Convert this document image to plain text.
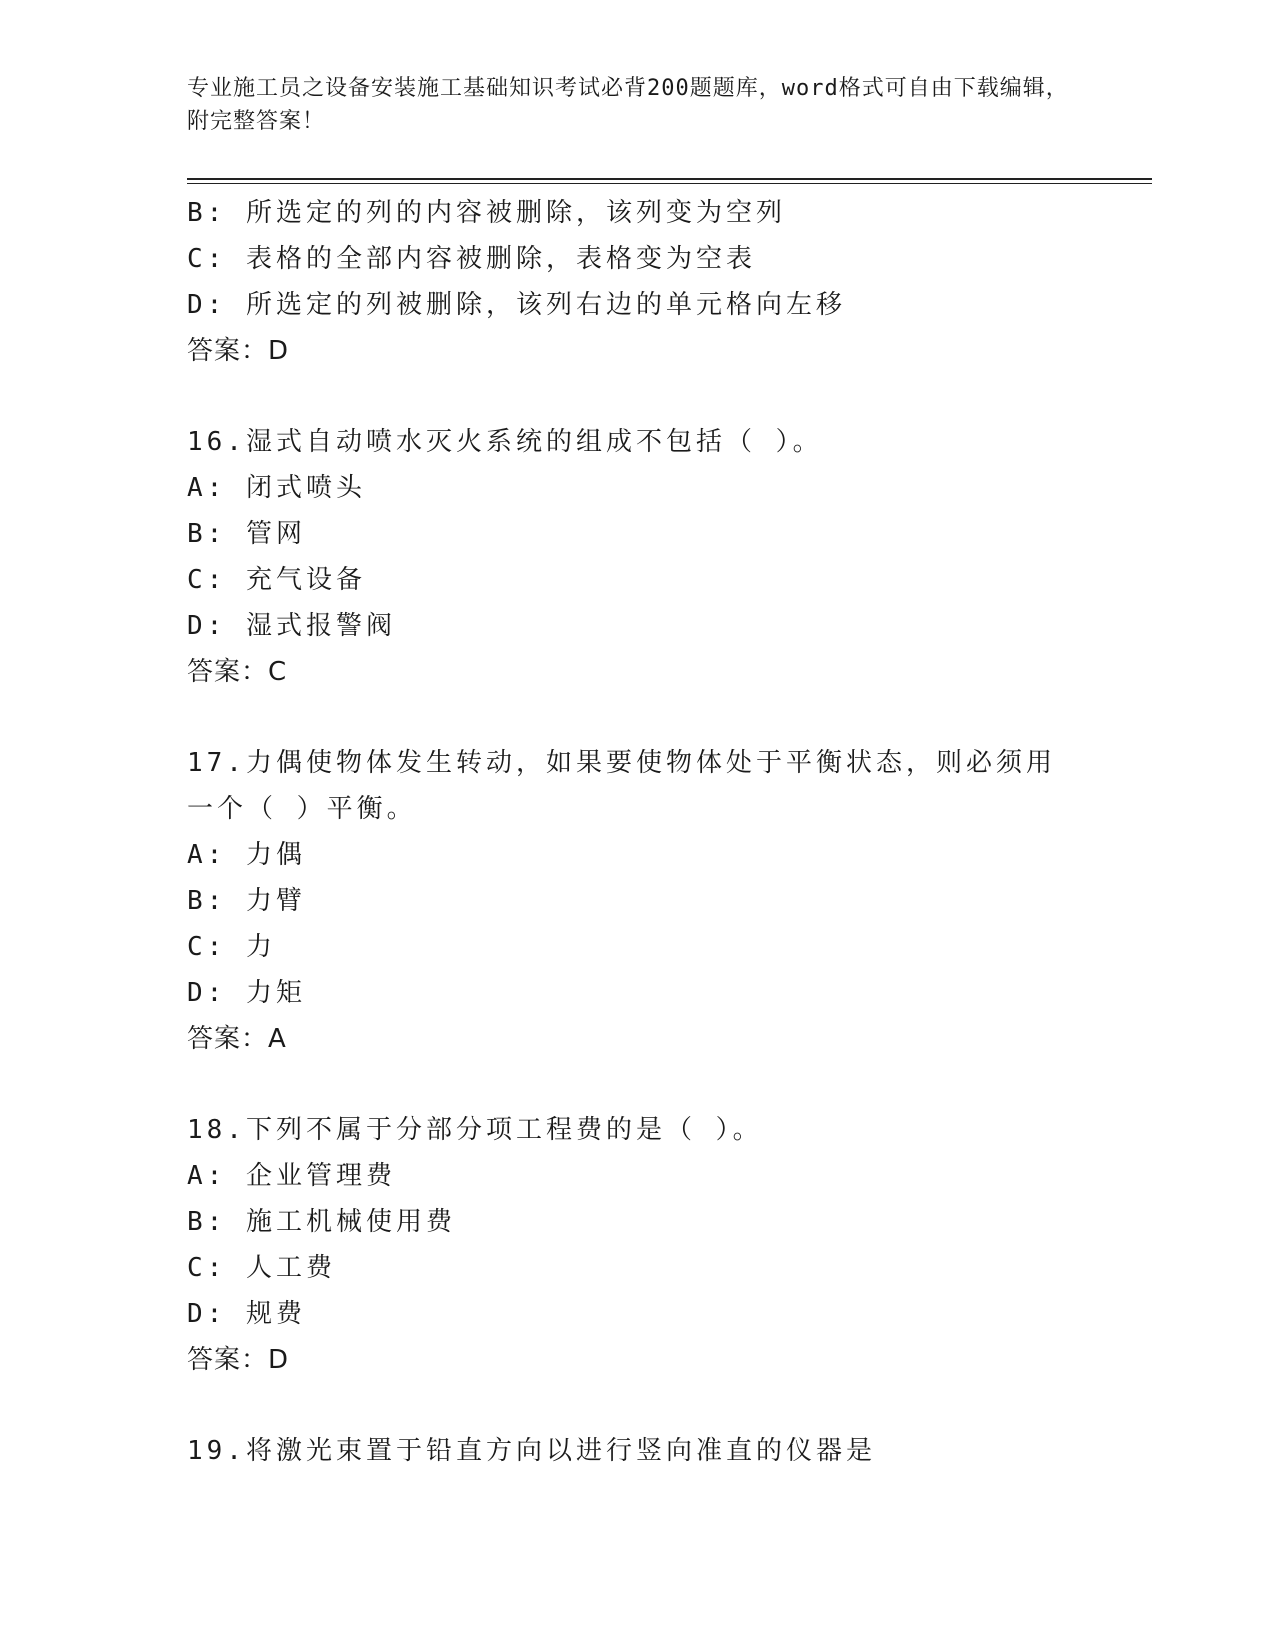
专业施工员之设备安装施工基础知识考试必背200题题库，word格式可自由下载编辑，附完整答案！
B: 所选定的列的内容被删除，该列变为空列
C: 表格的全部内容被删除，表格变为空表
D: 所选定的列被删除，该列右边的单元格向左移
答案：D
16.湿式自动喷水灭火系统的组成不包括（ ）。
A: 闭式喷头
B: 管网
C: 充气设备
D: 湿式报警阀
答案：C
17.力偶使物体发生转动，如果要使物体处于平衡状态，则必须用一个（ ）平衡。
A: 力偶
B: 力臂
C: 力
D: 力矩
答案：A
18.下列不属于分部分项工程费的是（ ）。
A: 企业管理费
B: 施工机械使用费
C: 人工费
D: 规费
答案：D
19.将激光束置于铅直方向以进行竖向准直的仪器是
